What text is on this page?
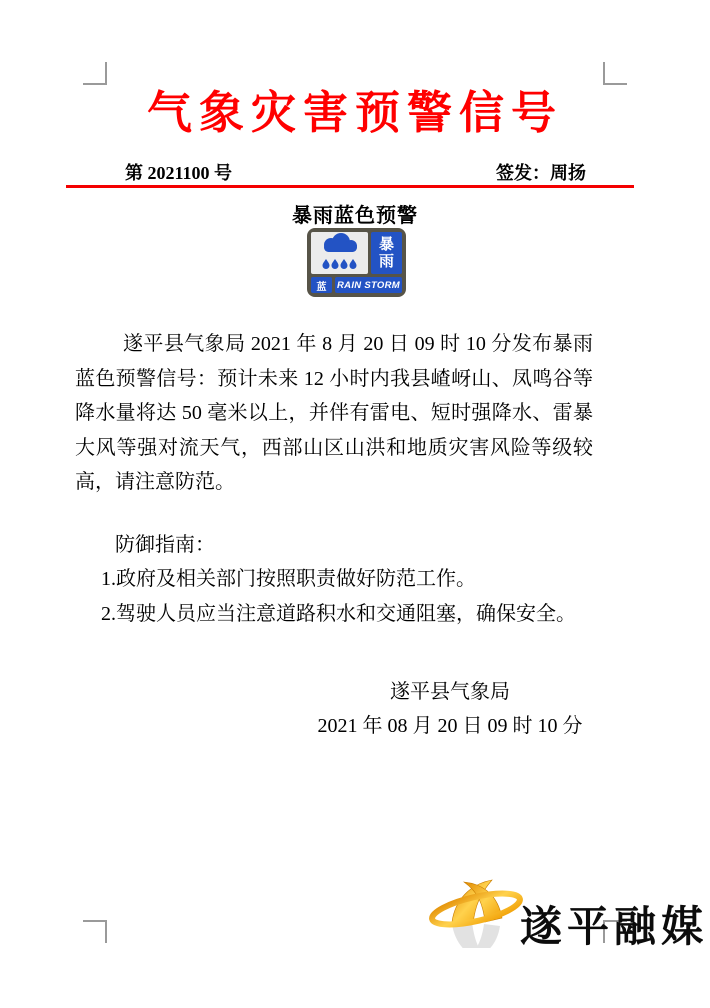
气象灾害预警信号
第 2021100 号	签发：周扬
暴雨蓝色预警
暴
雨
蓝 RAIN STORM

遂平县气象局 2021 年 8 月 20 日 09 时 10 分发布暴雨蓝色预警信号：预计未来 12 小时内我县嵖岈山、凤鸣谷等降水量将达 50 毫米以上，并伴有雷电、短时强降水、雷暴大风等强对流天气，西部山区山洪和地质灾害风险等级较高，请注意防范。

防御指南：
1.政府及相关部门按照职责做好防范工作。
2.驾驶人员应当注意道路积水和交通阻塞，确保安全。
遂平县气象局
2021 年 08 月 20 日 09 时 10 分
遂平融媒
